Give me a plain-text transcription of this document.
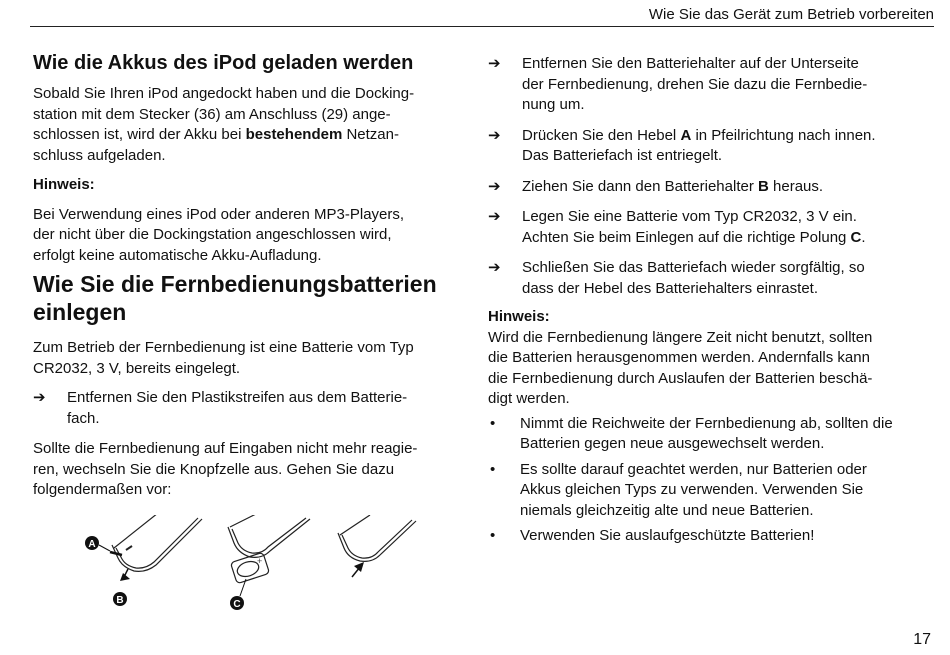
Wie Sie das Gerät zum Betrieb vorbereiten
Wie die Akkus des iPod geladen werden
Sobald Sie Ihren iPod angedockt haben und die Docking-
station mit dem Stecker (36) am Anschluss (29) ange-
schlossen ist, wird der Akku bei bestehendem Netzan-
schluss aufgeladen.
Hinweis:
Bei Verwendung eines iPod oder anderen MP3-Players,
der nicht über die Dockingstation angeschlossen wird,
erfolgt keine automatische Akku-Aufladung.
Wie Sie die Fernbedienungsbatterien
einlegen
Zum Betrieb der Fernbedienung ist eine Batterie vom Typ
CR2032, 3 V, bereits eingelegt.
➔	Entfernen Sie den Plastikstreifen aus dem Batterie-
fach.
Sollte die Fernbedienung auf Eingaben nicht mehr reagie-
ren, wechseln Sie die Knopfzelle aus. Gehen Sie dazu
folgendermaßen vor:
A
B
+
C
➔	Entfernen Sie den Batteriehalter auf der Unterseite
der Fernbedienung, drehen Sie dazu die Fernbedie-
nung um.
➔	Drücken Sie den Hebel A in Pfeilrichtung nach innen.
Das Batteriefach ist entriegelt.
➔	Ziehen Sie dann den Batteriehalter B heraus.
➔	Legen Sie eine Batterie vom Typ CR2032, 3 V ein.
Achten Sie beim Einlegen auf die richtige Polung C.
➔	Schließen Sie das Batteriefach wieder sorgfältig, so
dass der Hebel des Batteriehalters einrastet.
Hinweis:
Wird die Fernbedienung längere Zeit nicht benutzt, sollten
die Batterien herausgenommen werden. Andernfalls kann
die Fernbedienung durch Auslaufen der Batterien beschä-
digt werden.
•	Nimmt die Reichweite der Fernbedienung ab, sollten die
Batterien gegen neue ausgewechselt werden.
•	Es sollte darauf geachtet werden, nur Batterien oder
Akkus gleichen Typs zu verwenden. Verwenden Sie
niemals gleichzeitig alte und neue Batterien.
•	Verwenden Sie auslaufgeschützte Batterien!
17
